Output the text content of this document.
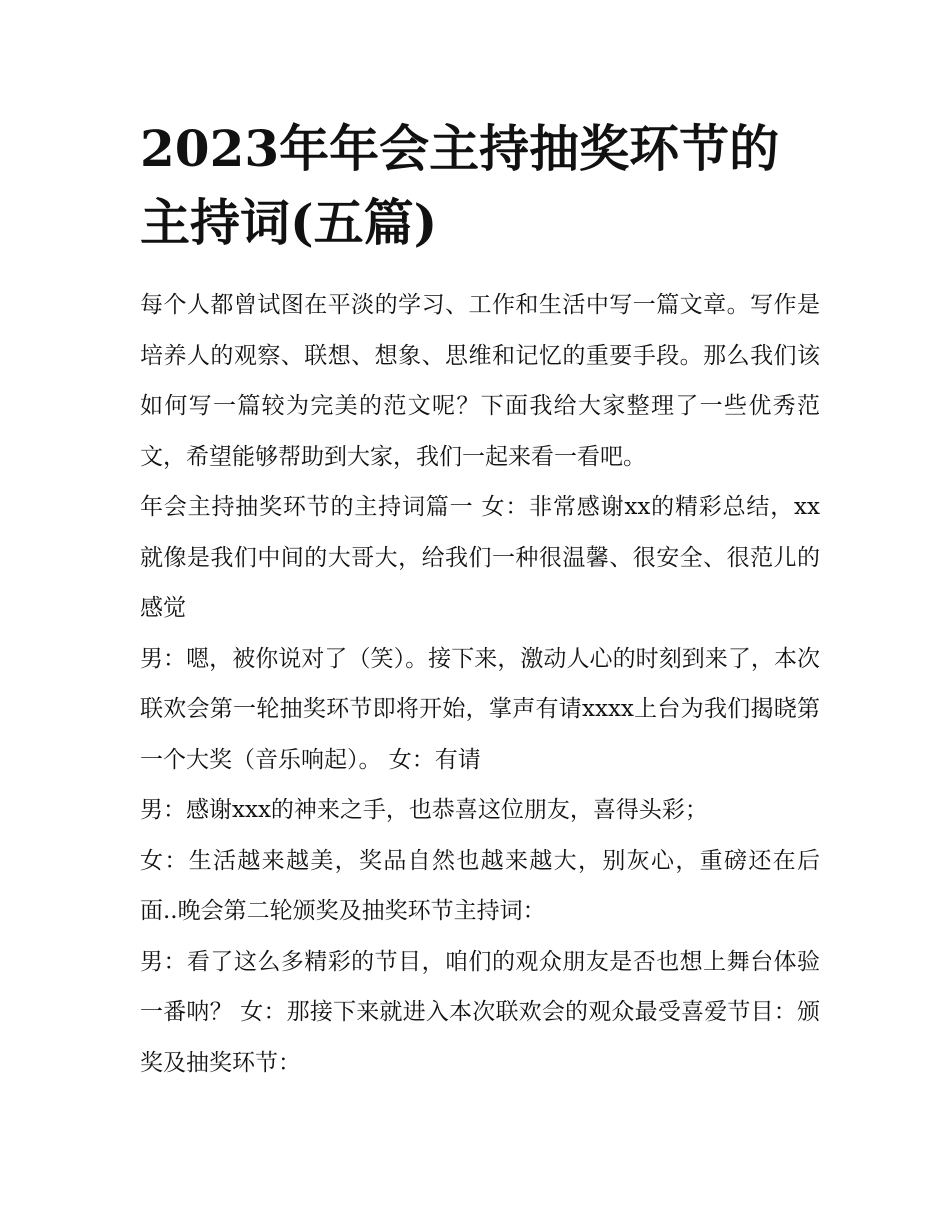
2023年年会主持抽奖环节的主持词(五篇)

每个人都曾试图在平淡的学习、工作和生活中写一篇文章。写作是培养人的观察、联想、想象、思维和记忆的重要手段。那么我们该如何写一篇较为完美的范文呢？下面我给大家整理了一些优秀范文，希望能够帮助到大家，我们一起来看一看吧。

年会主持抽奖环节的主持词篇一 女：非常感谢xx的精彩总结，xx就像是我们中间的大哥大，给我们一种很温馨、很安全、很范儿的感觉

男：嗯，被你说对了（笑）。接下来，激动人心的时刻到来了，本次联欢会第一轮抽奖环节即将开始，掌声有请xxxx上台为我们揭晓第一个大奖（音乐响起）。 女：有请

男：感谢xxx的神来之手，也恭喜这位朋友，喜得头彩；

女：生活越来越美，奖品自然也越来越大，别灰心，重磅还在后面..晚会第二轮颁奖及抽奖环节主持词：

男：看了这么多精彩的节目，咱们的观众朋友是否也想上舞台体验一番呐？ 女：那接下来就进入本次联欢会的观众最受喜爱节目：颁奖及抽奖环节：
